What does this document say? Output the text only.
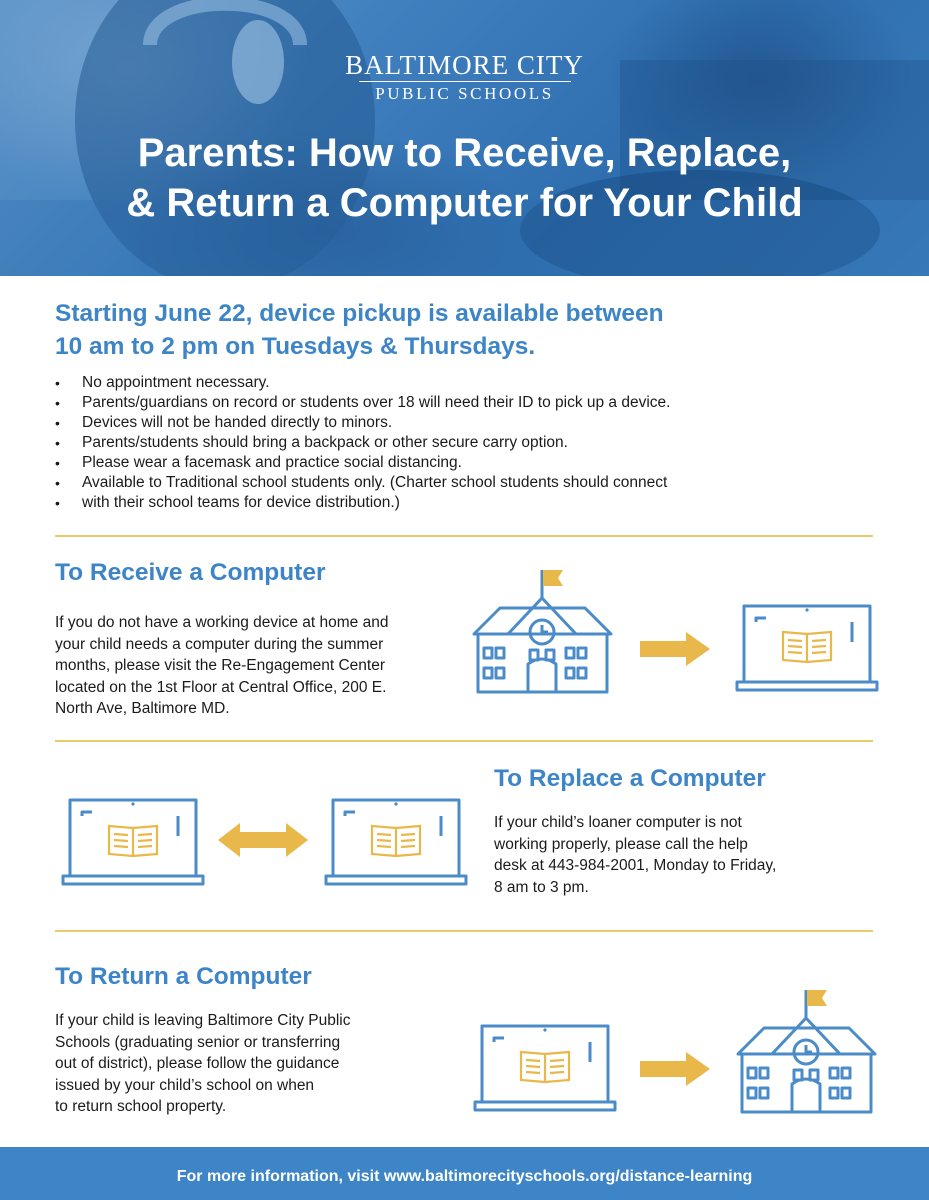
BALTIMORE CITY
PUBLIC SCHOOLS
Parents: How to Receive, Replace,
& Return a Computer for Your Child
Starting June 22, device pickup is available between
10 am to 2 pm on Tuesdays & Thursdays.
• No appointment necessary.
• Parents/guardians on record or students over 18 will need their ID to pick up a device.
• Devices will not be handed directly to minors.
• Parents/students should bring a backpack or other secure carry option.
• Please wear a facemask and practice social distancing.
• Available to Traditional school students only. (Charter school students should connect
• with their school teams for device distribution.)
To Receive a Computer
If you do not have a working device at home and
your child needs a computer during the summer
months, please visit the Re-Engagement Center
located on the 1st Floor at Central Office, 200 E.
North Ave, Baltimore MD.
To Replace a Computer
If your child’s loaner computer is not
working properly, please call the help
desk at 443-984-2001, Monday to Friday,
8 am to 3 pm.
To Return a Computer
If your child is leaving Baltimore City Public
Schools (graduating senior or transferring
out of district), please follow the guidance
issued by your child’s school on when
to return school property.
For more information, visit www.baltimorecityschools.org/distance-learning
